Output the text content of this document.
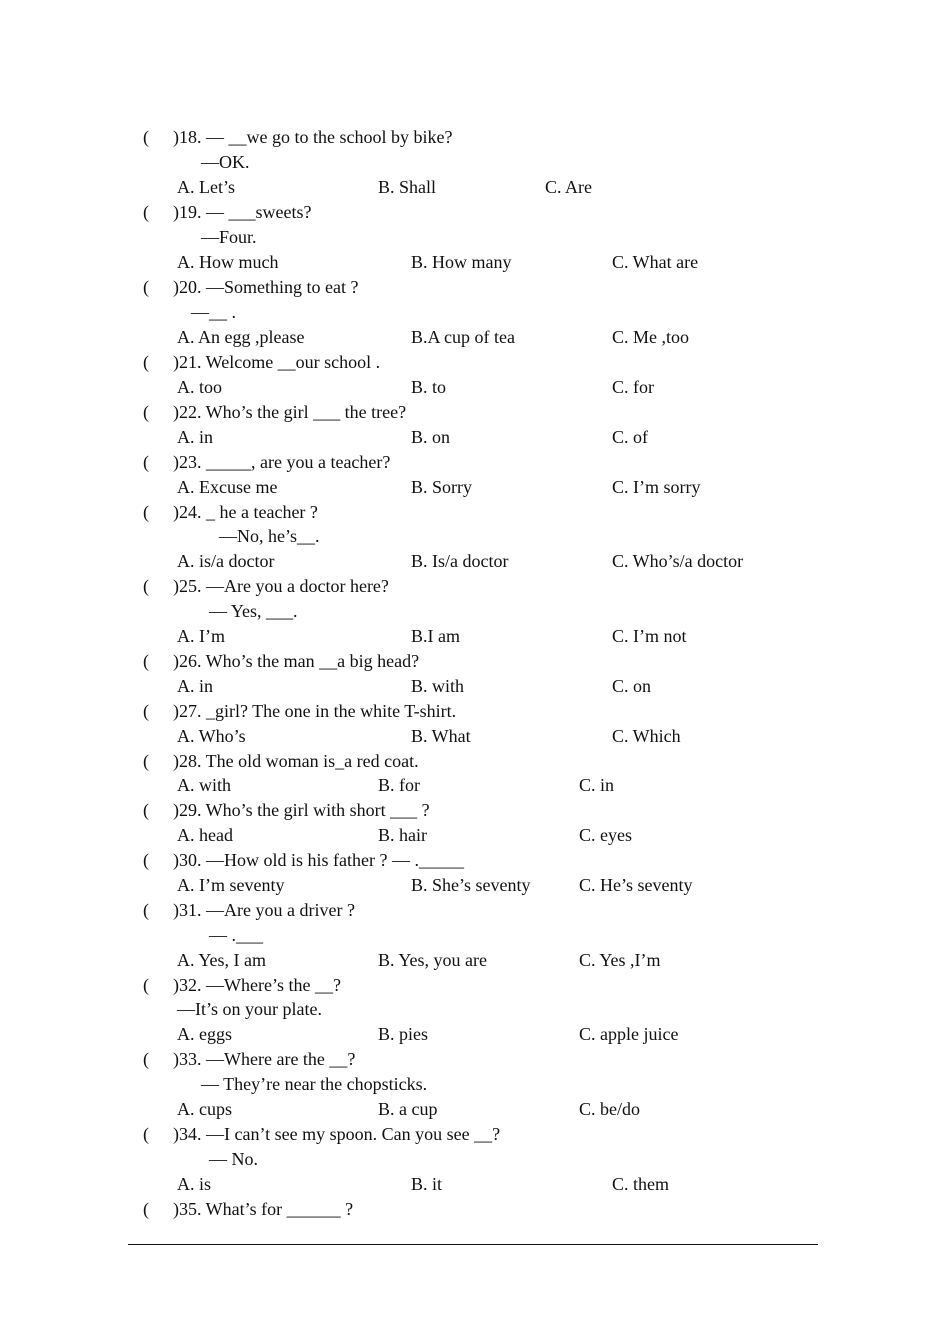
( )18. — __we go to the school by bike?
—OK.
A. Let’s	B. Shall	C. Are
( )19. — ___sweets?
—Four.
A. How much	B. How many	C. What are
( )20. —Something to eat ?
—__ .
A. An egg ,please	B.A cup of tea	C. Me ,too
( )21. Welcome __our school .
A. too	B. to	C. for
( )22. Who’s the girl ___ the tree?
A. in	B. on	C. of
( )23. _____, are you a teacher?
A. Excuse me	B. Sorry	C. I’m sorry
( )24. _ he a teacher ?
—No, he’s__.
A. is/a doctor	B. Is/a doctor	C. Who’s/a doctor
( )25. —Are you a doctor here?
— Yes, ___.
A. I’m	B.I am	C. I’m not
( )26. Who’s the man __a big head?
A. in	B. with	C. on
( )27. _girl? The one in the white T-shirt.
A. Who’s	B. What	C. Which
( )28. The old woman is_a red coat.
A. with	B. for	C. in
( )29. Who’s the girl with short ___ ?
A. head	B. hair	C. eyes
( )30. —How old is his father ? — ._____
A. I’m seventy	B. She’s seventy	C. He’s seventy
( )31. —Are you a driver ?
— .___
A. Yes, I am	B. Yes, you are	C. Yes ,I’m
( )32. —Where’s the __?
—It’s on your plate.
A. eggs	B. pies	C. apple juice
( )33. —Where are the __?
— They’re near the chopsticks.
A. cups	B. a cup	C. be/do
( )34. —I can’t see my spoon. Can you see __?
— No.
A. is	B. it	C. them
( )35. What’s for ______ ?
